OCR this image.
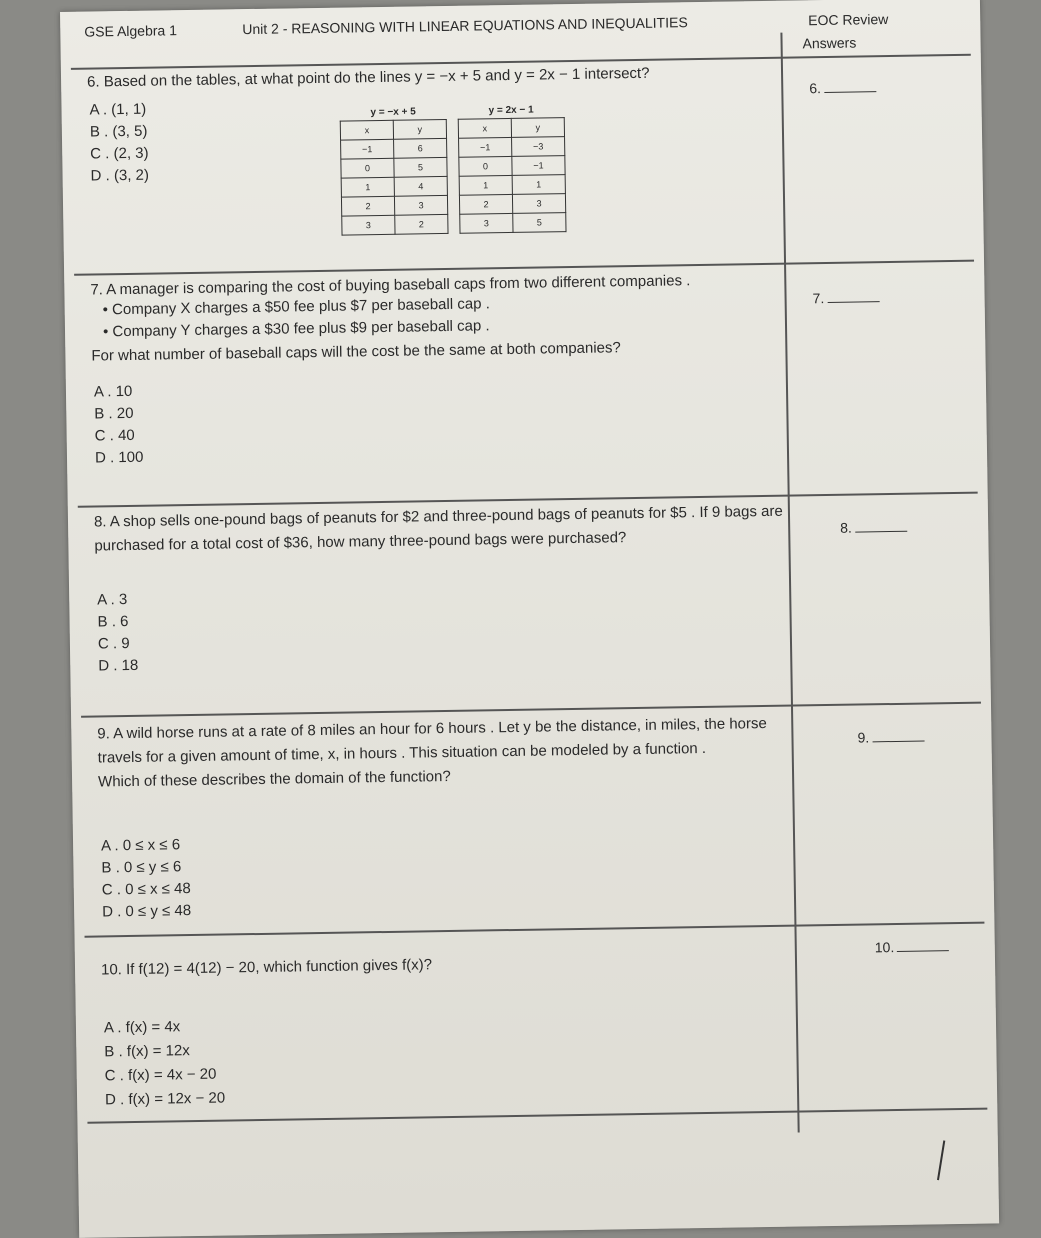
GSE Algebra 1	Unit 2 - REASONING WITH LINEAR EQUATIONS AND INEQUALITIES	EOC Review
Answers
6. Based on the tables, at what point do the lines y = −x + 5 and y = 2x − 1 intersect?
A . (1, 1)
B . (3, 5)
C . (2, 3)
D . (3, 2)
6.
y = −x + 5
x	y
−1	6
0	5
1	4
2	3
3	2
y = 2x − 1
x	y
−1	−3
0	−1
1	1
2	3
3	5
7. A manager is comparing the cost of buying baseball caps from two different companies .
• Company X charges a $50 fee plus $7 per baseball cap .
• Company Y charges a $30 fee plus $9 per baseball cap .
For what number of baseball caps will the cost be the same at both companies?
A . 10
B . 20
C . 40
D . 100
7.
8. A shop sells one-pound bags of peanuts for $2 and three-pound bags of peanuts for $5 . If 9 bags are
purchased for a total cost of $36, how many three-pound bags were purchased?
A . 3
B . 6
C . 9
D . 18
8.
9. A wild horse runs at a rate of 8 miles an hour for 6 hours . Let y be the distance, in miles, the horse
travels for a given amount of time, x, in hours . This situation can be modeled by a function .
Which of these describes the domain of the function?
A . 0 ≤ x ≤ 6
B . 0 ≤ y ≤ 6
C . 0 ≤ x ≤ 48
D . 0 ≤ y ≤ 48
9.
10. If f(12) = 4(12) − 20, which function gives f(x)?
A . f(x) = 4x
B . f(x) = 12x
C . f(x) = 4x − 20
D . f(x) = 12x − 20
10.
